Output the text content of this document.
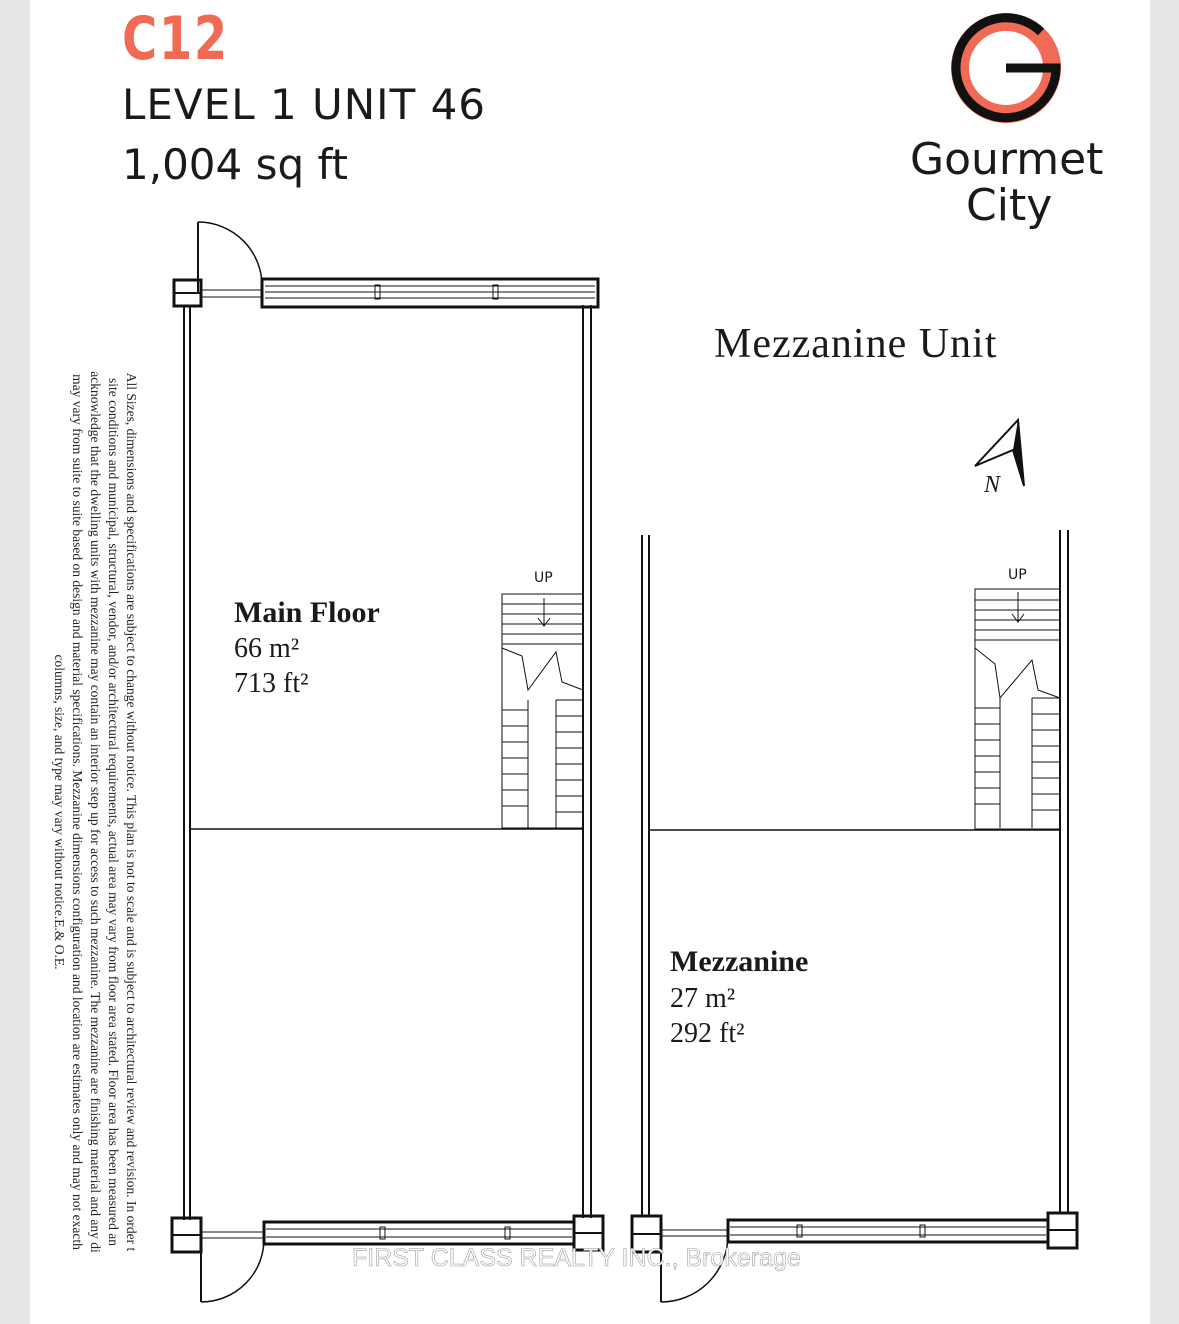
C12
LEVEL 1 UNIT 46
1,004 sq ft	Gourmet
City
Mezzanine Unit
N
UP	UP
Main Floor
66 m²
713 ft²
Mezzanine
27 m²
292 ft²
All Sizes, dimensions and specifications are subject to change without notice. This plan is not to scale and is subject to architectural review and revision. In order t
site conditions and municipal, structural, vendor, and/or architectural requirements, actual area may vary from floor area stated. Floor area has been measured an
acknowledge that the dwelling units with mezzanine may contain an interior step up for access to such mezzanine. The mezzanine are finishing material and any di
may vary from suite to suite based on design and material specifications. Mezzanine dimensions configuration and location are estimates only and may not exacth
columns, size, and type may vary without notice.E.& O.E.
FIRST CLASS REALTY INC., Brokerage
